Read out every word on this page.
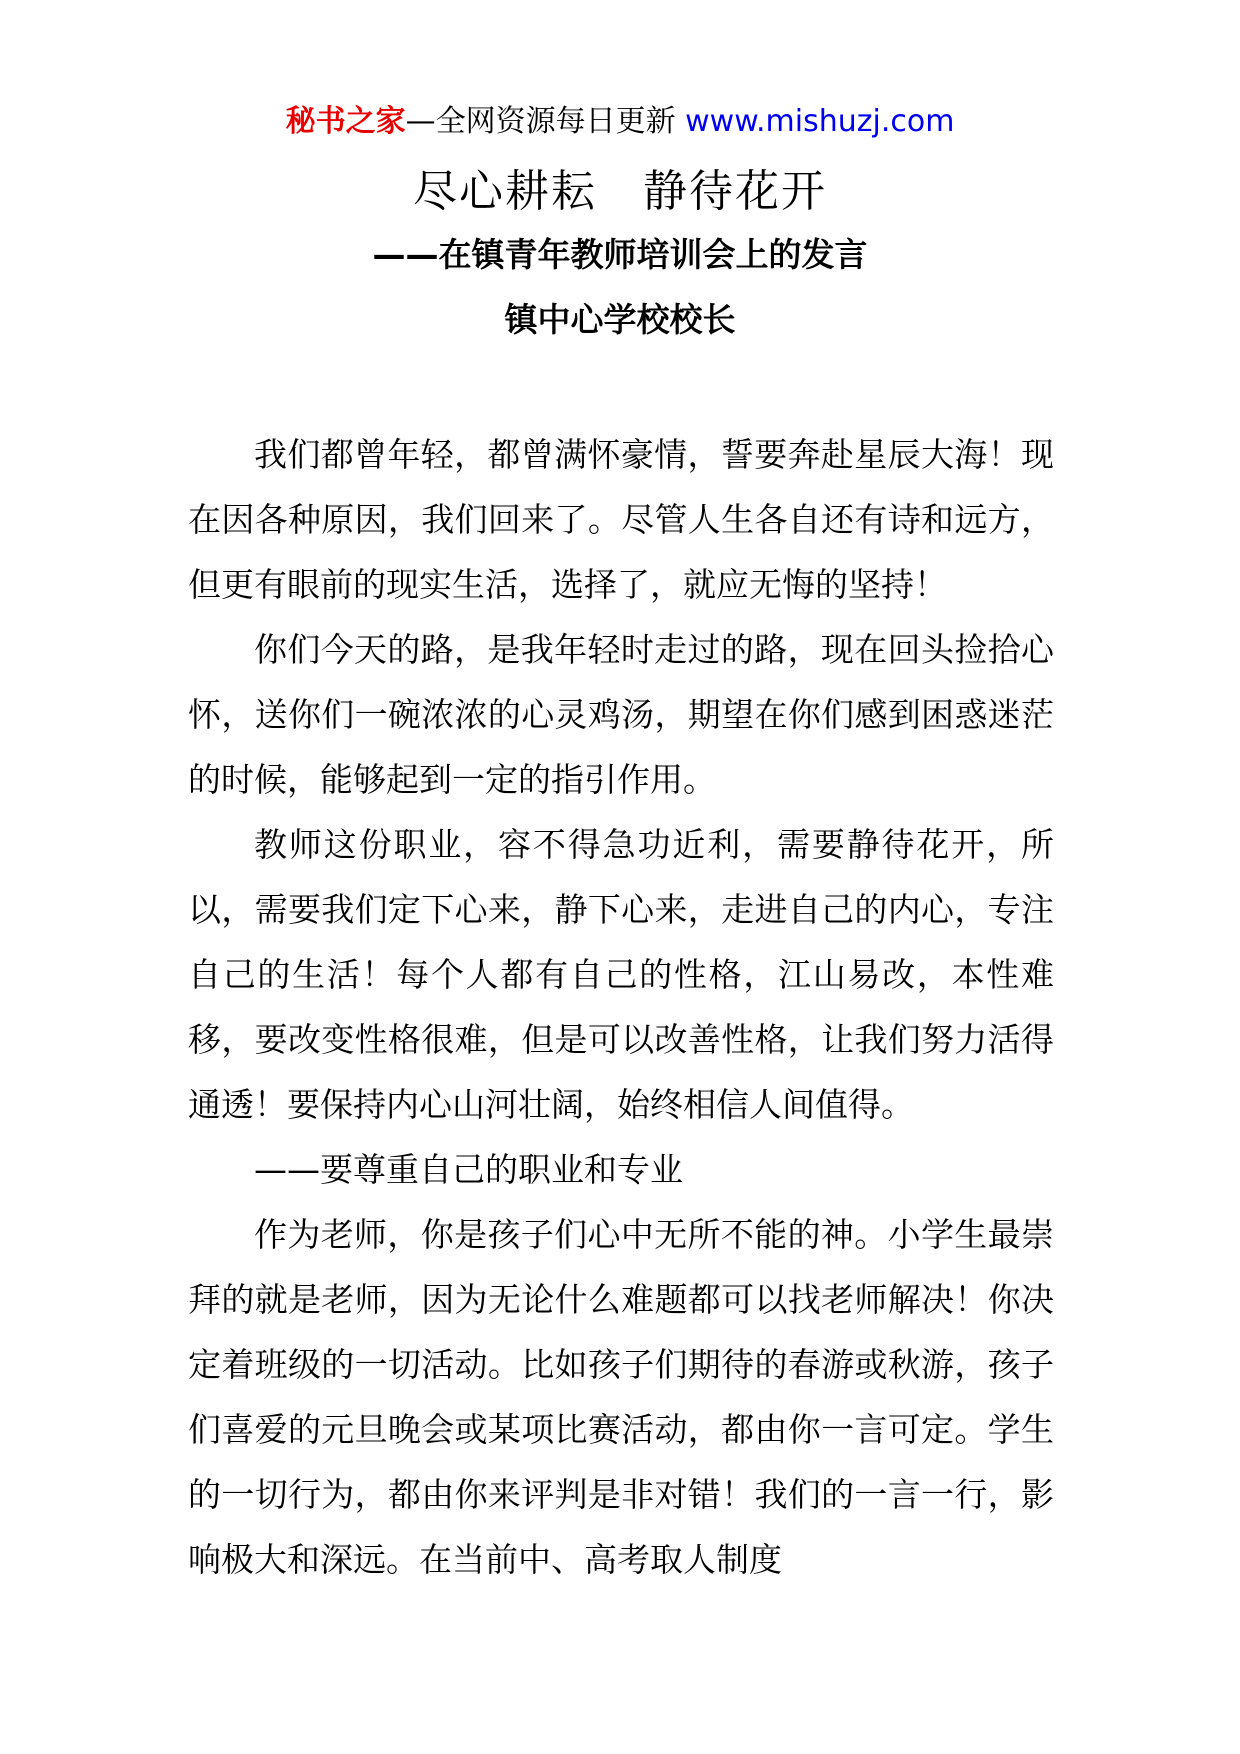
秘书之家—全网资源每日更新 www.mishuzj.com
尽心耕耘　静待花开
——在镇青年教师培训会上的发言
镇中心学校校长

我们都曾年轻，都曾满怀豪情，誓要奔赴星辰大海！现在因各种原因，我们回来了。尽管人生各自还有诗和远方，但更有眼前的现实生活，选择了，就应无悔的坚持！

你们今天的路，是我年轻时走过的路，现在回头捡拾心怀，送你们一碗浓浓的心灵鸡汤，期望在你们感到困惑迷茫的时候，能够起到一定的指引作用。

教师这份职业，容不得急功近利，需要静待花开，所以，需要我们定下心来，静下心来，走进自己的内心，专注自己的生活！每个人都有自己的性格，江山易改，本性难移，要改变性格很难，但是可以改善性格，让我们努力活得通透！要保持内心山河壮阔，始终相信人间值得。

——要尊重自己的职业和专业

作为老师，你是孩子们心中无所不能的神。小学生最崇拜的就是老师，因为无论什么难题都可以找老师解决！你决定着班级的一切活动。比如孩子们期待的春游或秋游，孩子们喜爱的元旦晚会或某项比赛活动，都由你一言可定。学生的一切行为，都由你来评判是非对错！我们的一言一行，影响极大和深远。在当前中、高考取人制度
